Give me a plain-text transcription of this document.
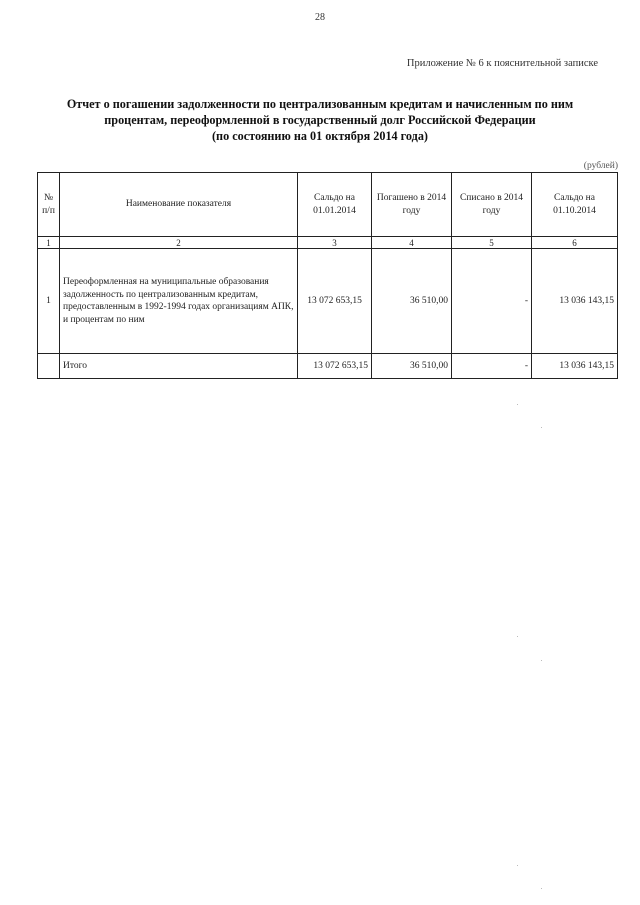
28
Приложение № 6 к пояснительной записке
Отчет о погашении задолженности по централизованным кредитам и начисленным по ним
процентам, переоформленной в государственный долг Российской Федерации
(по состоянию на 01 октября 2014 года)
(рублей)
№ п/п	Наименование показателя	Сальдо на 01.01.2014	Погашено в 2014 году	Списано в 2014 году	Сальдо на 01.10.2014
1	2	3	4	5	6
1	Переоформленная на муниципальные образования задолженность по централизованным кредитам, предоставленным в 1992-1994 годах организациям АПК, и процентам по ним	13 072 653,15	36 510,00	-	13 036 143,15
	Итого	13 072 653,15	36 510,00	-	13 036 143,15
